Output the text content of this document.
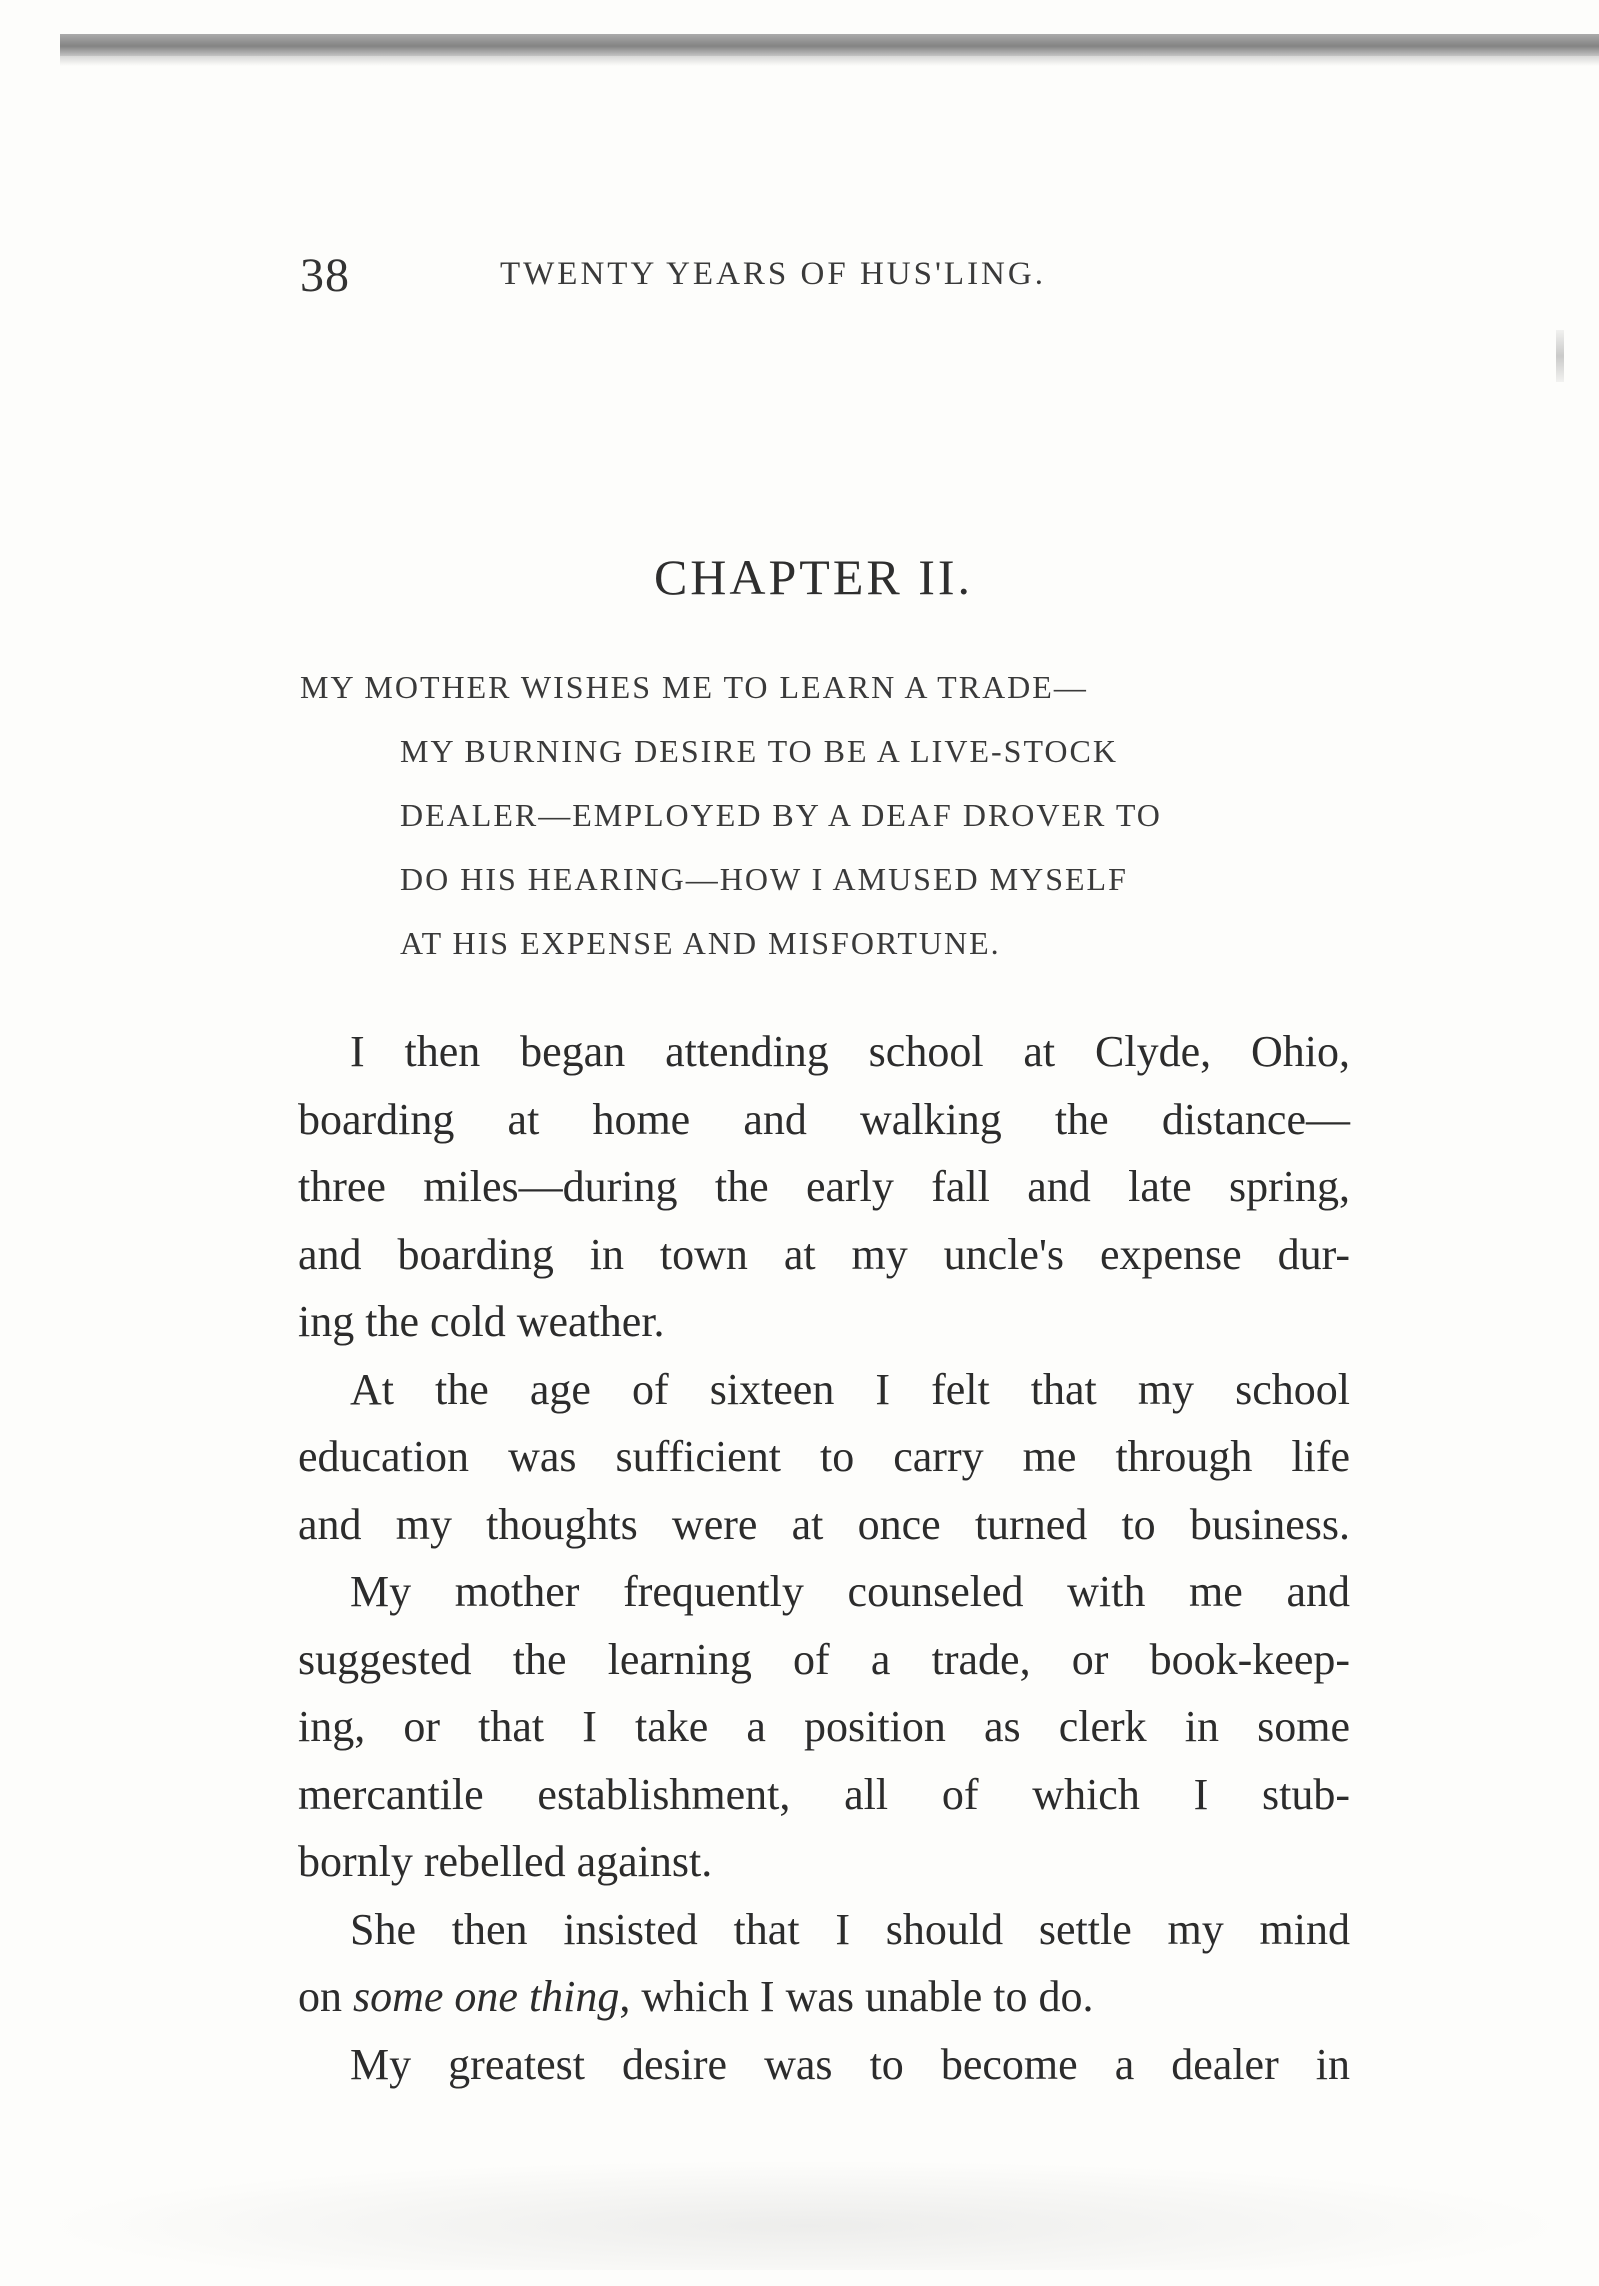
38	TWENTY YEARS OF HUS'LING.
CHAPTER II.
MY MOTHER WISHES ME TO LEARN A TRADE—
MY BURNING DESIRE TO BE A LIVE-STOCK
DEALER—EMPLOYED BY A DEAF DROVER TO
DO HIS HEARING—HOW I AMUSED MYSELF
AT HIS EXPENSE AND MISFORTUNE.
I then began attending school at Clyde, Ohio,
boarding at home and walking the distance—
three miles—during the early fall and late spring,
and boarding in town at my uncle's expense dur-
ing the cold weather.
At the age of sixteen I felt that my school
education was sufficient to carry me through life
and my thoughts were at once turned to business.
My mother frequently counseled with me and
suggested the learning of a trade, or book-keep-
ing, or that I take a position as clerk in some
mercantile establishment, all of which I stub-
bornly rebelled against.
She then insisted that I should settle my mind
on some one thing, which I was unable to do.
My greatest desire was to become a dealer in
